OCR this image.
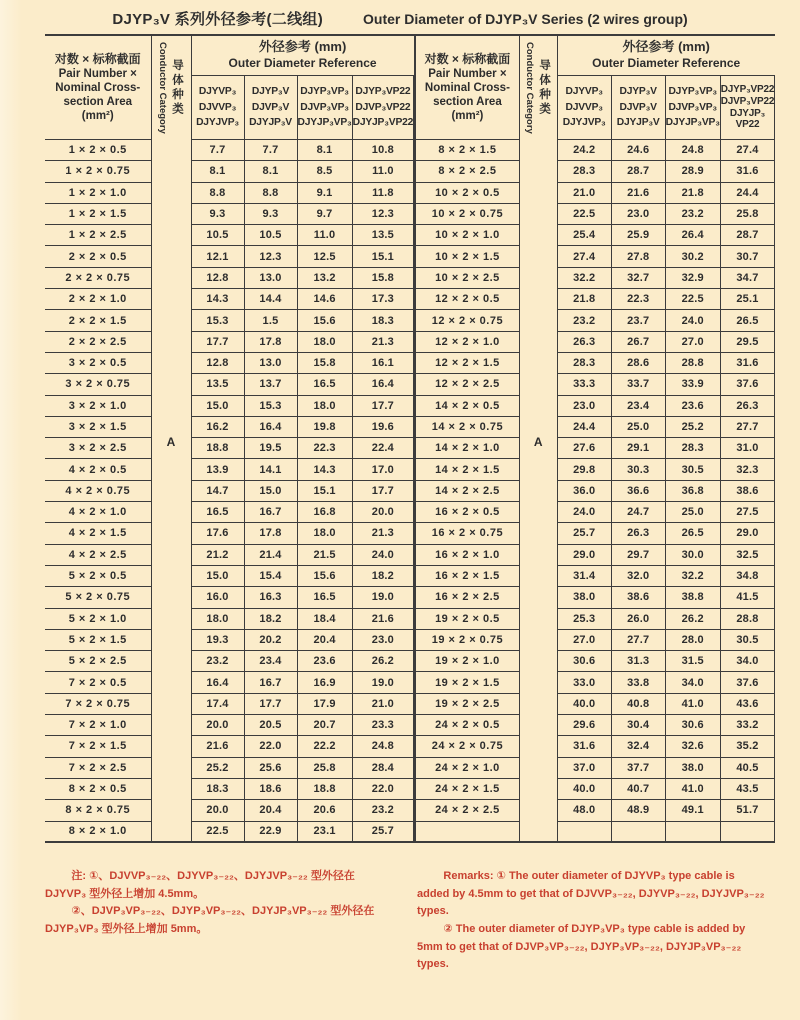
DJYP₃V 系列外径参考(二线组)	Outer Diameter of DJYP₃V Series (2 wires group)
对数 × 标称截面
Pair Number ×
Nominal Cross-
section Area
(mm²)	Conductor Category 导体种类

外径参考 (mm)
Outer Diameter Reference

DJYVP₃
DJVVP₃
DJYJVP₃

DJYP₃V
DJVP₃V
DJYJP₃V

DJYP₃VP₃
DJVP₃VP₃
DJYJP₃VP₃

DJYP₃VP22
DJVP₃VP22
DJYJP₃VP22

1 × 2 × 0.5	A	7.7	7.7	8.1	10.8
1 × 2 × 0.75		8.1	8.1	8.5	11.0
1 × 2 × 1.0		8.8	8.8	9.1	11.8
1 × 2 × 1.5		9.3	9.3	9.7	12.3
1 × 2 × 2.5		10.5	10.5	11.0	13.5
2 × 2 × 0.5		12.1	12.3	12.5	15.1
2 × 2 × 0.75		12.8	13.0	13.2	15.8
2 × 2 × 1.0		14.3	14.4	14.6	17.3
2 × 2 × 1.5		15.3	1.5	15.6	18.3
2 × 2 × 2.5		17.7	17.8	18.0	21.3
3 × 2 × 0.5		12.8	13.0	15.8	16.1
3 × 2 × 0.75		13.5	13.7	16.5	16.4
3 × 2 × 1.0		15.0	15.3	18.0	17.7
3 × 2 × 1.5		16.2	16.4	19.8	19.6
3 × 2 × 2.5		18.8	19.5	22.3	22.4
4 × 2 × 0.5		13.9	14.1	14.3	17.0
4 × 2 × 0.75		14.7	15.0	15.1	17.7
4 × 2 × 1.0		16.5	16.7	16.8	20.0
4 × 2 × 1.5		17.6	17.8	18.0	21.3
4 × 2 × 2.5		21.2	21.4	21.5	24.0
5 × 2 × 0.5		15.0	15.4	15.6	18.2
5 × 2 × 0.75		16.0	16.3	16.5	19.0
5 × 2 × 1.0		18.0	18.2	18.4	21.6
5 × 2 × 1.5		19.3	20.2	20.4	23.0
5 × 2 × 2.5		23.2	23.4	23.6	26.2
7 × 2 × 0.5		16.4	16.7	16.9	19.0
7 × 2 × 0.75		17.4	17.7	17.9	21.0
7 × 2 × 1.0		20.0	20.5	20.7	23.3
7 × 2 × 1.5		21.6	22.0	22.2	24.8
7 × 2 × 2.5		25.2	25.6	25.8	28.4
8 × 2 × 0.5		18.3	18.6	18.8	22.0
8 × 2 × 0.75		20.0	20.4	20.6	23.2
8 × 2 × 1.0		22.5	22.9	23.1	25.7
对数 × 标称截面
Pair Number ×
Nominal Cross-
section Area
(mm²)	Conductor Category 导体种类

外径参考 (mm)
Outer Diameter Reference

DJYVP₃
DJVVP₃
DJYJVP₃

DJYP₃V
DJVP₃V
DJYJP₃V

DJYP₃VP₃
DJVP₃VP₃
DJYJP₃VP₃

DJYP₃VP22
DJVP₃VP22
DJYJP₃
VP22

8 × 2 × 1.5	A	24.2	24.6	24.8	27.4
8 × 2 × 2.5		28.3	28.7	28.9	31.6
10 × 2 × 0.5		21.0	21.6	21.8	24.4
10 × 2 × 0.75		22.5	23.0	23.2	25.8
10 × 2 × 1.0		25.4	25.9	26.4	28.7
10 × 2 × 1.5		27.4	27.8	30.2	30.7
10 × 2 × 2.5		32.2	32.7	32.9	34.7
12 × 2 × 0.5		21.8	22.3	22.5	25.1
12 × 2 × 0.75		23.2	23.7	24.0	26.5
12 × 2 × 1.0		26.3	26.7	27.0	29.5
12 × 2 × 1.5		28.3	28.6	28.8	31.6
12 × 2 × 2.5		33.3	33.7	33.9	37.6
14 × 2 × 0.5		23.0	23.4	23.6	26.3
14 × 2 × 0.75		24.4	25.0	25.2	27.7
14 × 2 × 1.0		27.6	29.1	28.3	31.0
14 × 2 × 1.5		29.8	30.3	30.5	32.3
14 × 2 × 2.5		36.0	36.6	36.8	38.6
16 × 2 × 0.5		24.0	24.7	25.0	27.5
16 × 2 × 0.75		25.7	26.3	26.5	29.0
16 × 2 × 1.0		29.0	29.7	30.0	32.5
16 × 2 × 1.5		31.4	32.0	32.2	34.8
16 × 2 × 2.5		38.0	38.6	38.8	41.5
19 × 2 × 0.5		25.3	26.0	26.2	28.8
19 × 2 × 0.75		27.0	27.7	28.0	30.5
19 × 2 × 1.0		30.6	31.3	31.5	34.0
19 × 2 × 1.5		33.0	33.8	34.0	37.6
19 × 2 × 2.5		40.0	40.8	41.0	43.6
24 × 2 × 0.5		29.6	30.4	30.6	33.2
24 × 2 × 0.75		31.6	32.4	32.6	35.2
24 × 2 × 1.0		37.0	37.7	38.0	40.5
24 × 2 × 1.5		40.0	40.7	41.0	43.5
24 × 2 × 2.5		48.0	48.9	49.1	51.7

注: ①、DJVVP₃₋₂₂、DJYVP₃₋₂₂、DJYJVP₃₋₂₂ 型外径在 DJYVP₃ 型外径上增加 4.5mm。

②、DJVP₃VP₃₋₂₂、DJYP₃VP₃₋₂₂、DJYJP₃VP₃₋₂₂ 型外径在 DJYP₃VP₃ 型外径上增加 5mm。

Remarks: ① The outer diameter of DJYVP₃ type cable is added by 4.5mm to get that of DJVVP₃₋₂₂, DJYVP₃₋₂₂, DJYJVP₃₋₂₂ types.

② The outer diameter of DJYP₃VP₃ type cable is added by 5mm to get that of DJVP₃VP₃₋₂₂, DJYP₃VP₃₋₂₂, DJYJP₃VP₃₋₂₂ types.
